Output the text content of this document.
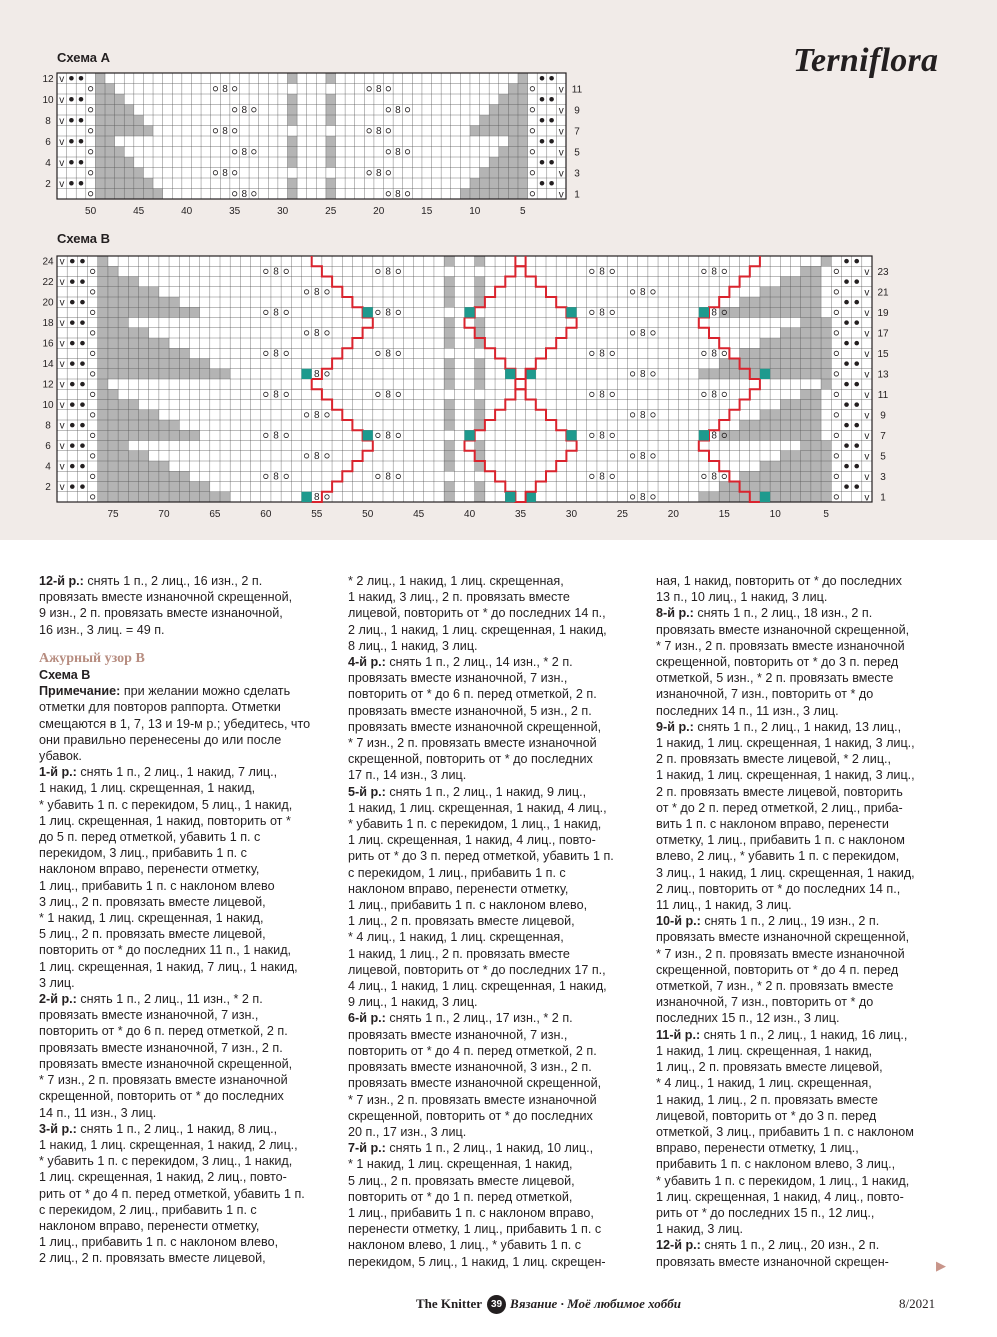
Terniflora
Схема А
Схема В
v
v
v
v
v
v
v
v
v
v
v
v
8
8
8
8
8
8
8
8
8
8
8
8
12
10
8
6
4
2
11
9
7
5
3
1
50	45	40	35	30	25	20	15	10	5
v
v
v
v
v
v
v
v
v
v
v
v
v
v
v
v
v
v
v
v
v
v
v
v
8	8	8	8
8	8	8	8
8	8	8	8
8	8	8	8
8	8	8	8
8	8	8	8
8	8
8	8
8	8
8	8
8	8
8	8
24
22
20
18
16
14
12
10
8
6
4
2
23
21
19
17
15
13
11
9
7
5
3
1
75	70	65	60	55	50	45	40	35	30	25	20	15	10	5

12-й р.: снять 1 п., 2 лиц., 16 изн., 2 п.

провязать вместе изнаночной скрещенной,

9 изн., 2 п. провязать вместе изнаночной,

16 изн., 3 лиц. = 49 п.

Ажурный узор В

Схема В

Примечание: при желании можно сделать

отметки для повторов раппорта. Отметки

смещаются в 1, 7, 13 и 19-м р.; убедитесь, что

они правильно перенесены до или после

убавок.

1-й р.: снять 1 п., 2 лиц., 1 накид, 7 лиц.,

1 накид, 1 лиц. скрещенная, 1 накид,

* убавить 1 п. с перекидом, 5 лиц., 1 накид,

1 лиц. скрещенная, 1 накид, повторить от *

до 5 п. перед отметкой, убавить 1 п. с

перекидом, 3 лиц., прибавить 1 п. с

наклоном вправо, перенести отметку,

1 лиц., прибавить 1 п. с наклоном влево

3 лиц., 2 п. провязать вместе лицевой,

* 1 накид, 1 лиц. скрещенная, 1 накид,

5 лиц., 2 п. провязать вместе лицевой,

повторить от * до последних 11 п., 1 накид,

1 лиц. скрещенная, 1 накид, 7 лиц., 1 накид,

3 лиц.

2-й р.: снять 1 п., 2 лиц., 11 изн., * 2 п.

провязать вместе изнаночной, 7 изн.,

повторить от * до 6 п. перед отметкой, 2 п.

провязать вместе изнаночной, 7 изн., 2 п.

провязать вместе изнаночной скрещенной,

* 7 изн., 2 п. провязать вместе изнаночной

скрещенной, повторить от * до последних

14 п., 11 изн., 3 лиц.

3-й р.: снять 1 п., 2 лиц., 1 накид, 8 лиц.,

1 накид, 1 лиц. скрещенная, 1 накид, 2 лиц.,

* убавить 1 п. с перекидом, 3 лиц., 1 накид,

1 лиц. скрещенная, 1 накид, 2 лиц., повто-

рить от * до 4 п. перед отметкой, убавить 1 п.

с перекидом, 2 лиц., прибавить 1 п. с

наклоном вправо, перенести отметку,

1 лиц., прибавить 1 п. с наклоном влево,

2 лиц., 2 п. провязать вместе лицевой,

* 2 лиц., 1 накид, 1 лиц. скрещенная,

1 накид, 3 лиц., 2 п. провязать вместе

лицевой, повторить от * до последних 14 п.,

2 лиц., 1 накид, 1 лиц. скрещенная, 1 накид,

8 лиц., 1 накид, 3 лиц.

4-й р.: снять 1 п., 2 лиц., 14 изн., * 2 п.

провязать вместе изнаночной, 7 изн.,

повторить от * до 6 п. перед отметкой, 2 п.

провязать вместе изнаночной, 5 изн., 2 п.

провязать вместе изнаночной скрещенной,

* 7 изн., 2 п. провязать вместе изнаночной

скрещенной, повторить от * до последних

17 п., 14 изн., 3 лиц.

5-й р.: снять 1 п., 2 лиц., 1 накид, 9 лиц.,

1 накид, 1 лиц. скрещенная, 1 накид, 4 лиц.,

* убавить 1 п. с перекидом, 1 лиц., 1 накид,

1 лиц. скрещенная, 1 накид, 4 лиц., повто-

рить от * до 3 п. перед отметкой, убавить 1 п.

с перекидом, 1 лиц., прибавить 1 п. с

наклоном вправо, перенести отметку,

1 лиц., прибавить 1 п. с наклоном влево,

1 лиц., 2 п. провязать вместе лицевой,

* 4 лиц., 1 накид, 1 лиц. скрещенная,

1 накид, 1 лиц., 2 п. провязать вместе

лицевой, повторить от * до последних 17 п.,

4 лиц., 1 накид, 1 лиц. скрещенная, 1 накид,

9 лиц., 1 накид, 3 лиц.

6-й р.: снять 1 п., 2 лиц., 17 изн., * 2 п.

провязать вместе изнаночной, 7 изн.,

повторить от * до 4 п. перед отметкой, 2 п.

провязать вместе изнаночной, 3 изн., 2 п.

провязать вместе изнаночной скрещенной,

* 7 изн., 2 п. провязать вместе изнаночной

скрещенной, повторить от * до последних

20 п., 17 изн., 3 лиц.

7-й р.: снять 1 п., 2 лиц., 1 накид, 10 лиц.,

* 1 накид, 1 лиц. скрещенная, 1 накид,

5 лиц., 2 п. провязать вместе лицевой,

повторить от * до 1 п. перед отметкой,

1 лиц., прибавить 1 п. с наклоном вправо,

перенести отметку, 1 лиц., прибавить 1 п. с

наклоном влево, 1 лиц., * убавить 1 п. с

перекидом, 5 лиц., 1 накид, 1 лиц. скрещен-

ная, 1 накид, повторить от * до последних

13 п., 10 лиц., 1 накид, 3 лиц.

8-й р.: снять 1 п., 2 лиц., 18 изн., 2 п.

провязать вместе изнаночной скрещенной,

* 7 изн., 2 п. провязать вместе изнаночной

скрещенной, повторить от * до 3 п. перед

отметкой, 5 изн., * 2 п. провязать вместе

изнаночной, 7 изн., повторить от * до

последних 14 п., 11 изн., 3 лиц.

9-й р.: снять 1 п., 2 лиц., 1 накид, 13 лиц.,

1 накид, 1 лиц. скрещенная, 1 накид, 3 лиц.,

2 п. провязать вместе лицевой, * 2 лиц.,

1 накид, 1 лиц. скрещенная, 1 накид, 3 лиц.,

2 п. провязать вместе лицевой, повторить

от * до 2 п. перед отметкой, 2 лиц., приба-

вить 1 п. с наклоном вправо, перенести

отметку, 1 лиц., прибавить 1 п. с наклоном

влево, 2 лиц., * убавить 1 п. с перекидом,

3 лиц., 1 накид, 1 лиц. скрещенная, 1 накид,

2 лиц., повторить от * до последних 14 п.,

11 лиц., 1 накид, 3 лиц.

10-й р.: снять 1 п., 2 лиц., 19 изн., 2 п.

провязать вместе изнаночной скрещенной,

* 7 изн., 2 п. провязать вместе изнаночной

скрещенной, повторить от * до 4 п. перед

отметкой, 7 изн., * 2 п. провязать вместе

изнаночной, 7 изн., повторить от * до

последних 15 п., 12 изн., 3 лиц.

11-й р.: снять 1 п., 2 лиц., 1 накид, 16 лиц.,

1 накид, 1 лиц. скрещенная, 1 накид,

1 лиц., 2 п. провязать вместе лицевой,

* 4 лиц., 1 накид, 1 лиц. скрещенная,

1 накид, 1 лиц., 2 п. провязать вместе

лицевой, повторить от * до 3 п. перед

отметкой, 3 лиц., прибавить 1 п. с наклоном

вправо, перенести отметку, 1 лиц.,

прибавить 1 п. с наклоном влево, 3 лиц.,

* убавить 1 п. с перекидом, 1 лиц., 1 накид,

1 лиц. скрещенная, 1 накид, 4 лиц., повто-

рить от * до последних 15 п., 12 лиц.,

1 накид, 3 лиц.

12-й р.: снять 1 п., 2 лиц., 20 изн., 2 п.

провязать вместе изнаночной скрещен-	▶
The Knitter 39 Вязание · Моё любимое хобби	8/2021
